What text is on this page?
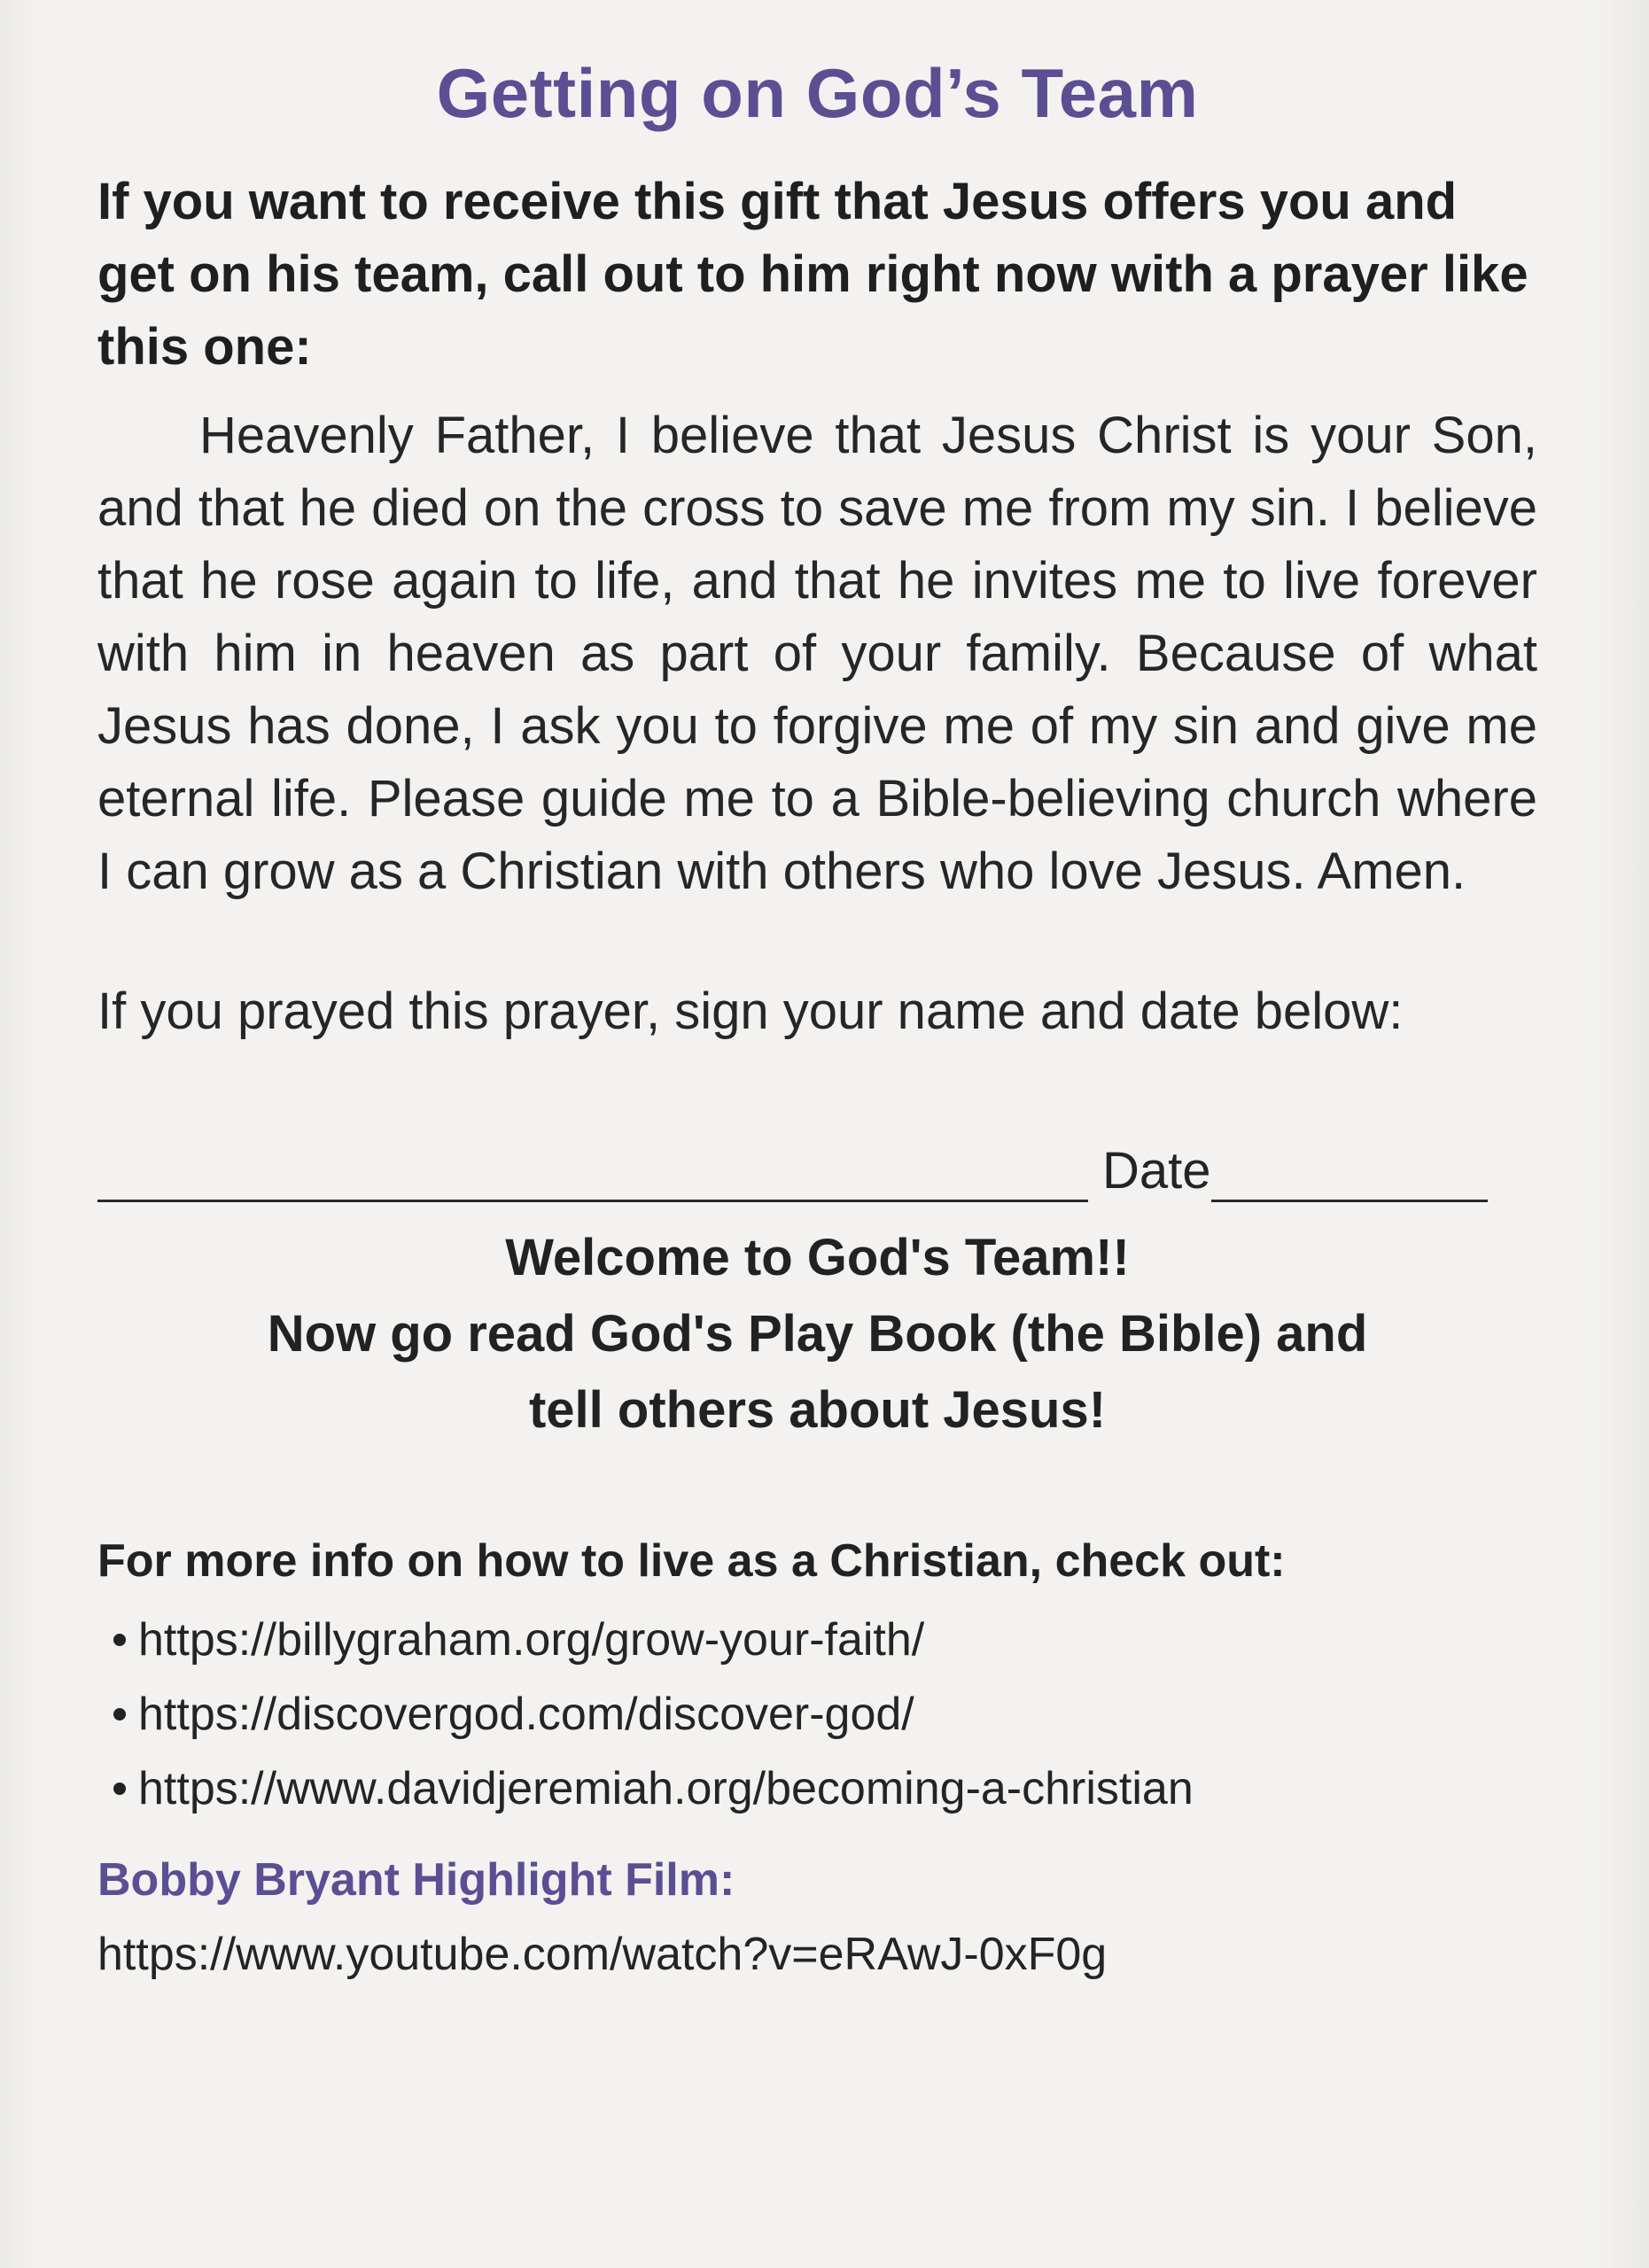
Getting on God’s Team

If you want to receive this gift that Jesus offers you and get on his team, call out to him right now with a prayer like this one:

Heavenly Father, I believe that Jesus Christ is your Son, and that he died on the cross to save me from my sin. I believe that he rose again to life, and that he invites me to live forever with him in heaven as part of your family. Because of what Jesus has done, I ask you to forgive me of my sin and give me eternal life. Please guide me to a Bible-believing church where I can grow as a Christian with others who love Jesus. Amen.

If you prayed this prayer, sign your name and date below:

Date
Welcome to God's Team!!
Now go read God's Play Book (the Bible) and
tell others about Jesus!
For more info on how to live as a Christian, check out:
https://billygraham.org/grow-your-faith/
https://discovergod.com/discover-god/
https://www.davidjeremiah.org/becoming-a-christian
Bobby Bryant Highlight Film:
https://www.youtube.com/watch?v=eRAwJ-0xF0g
